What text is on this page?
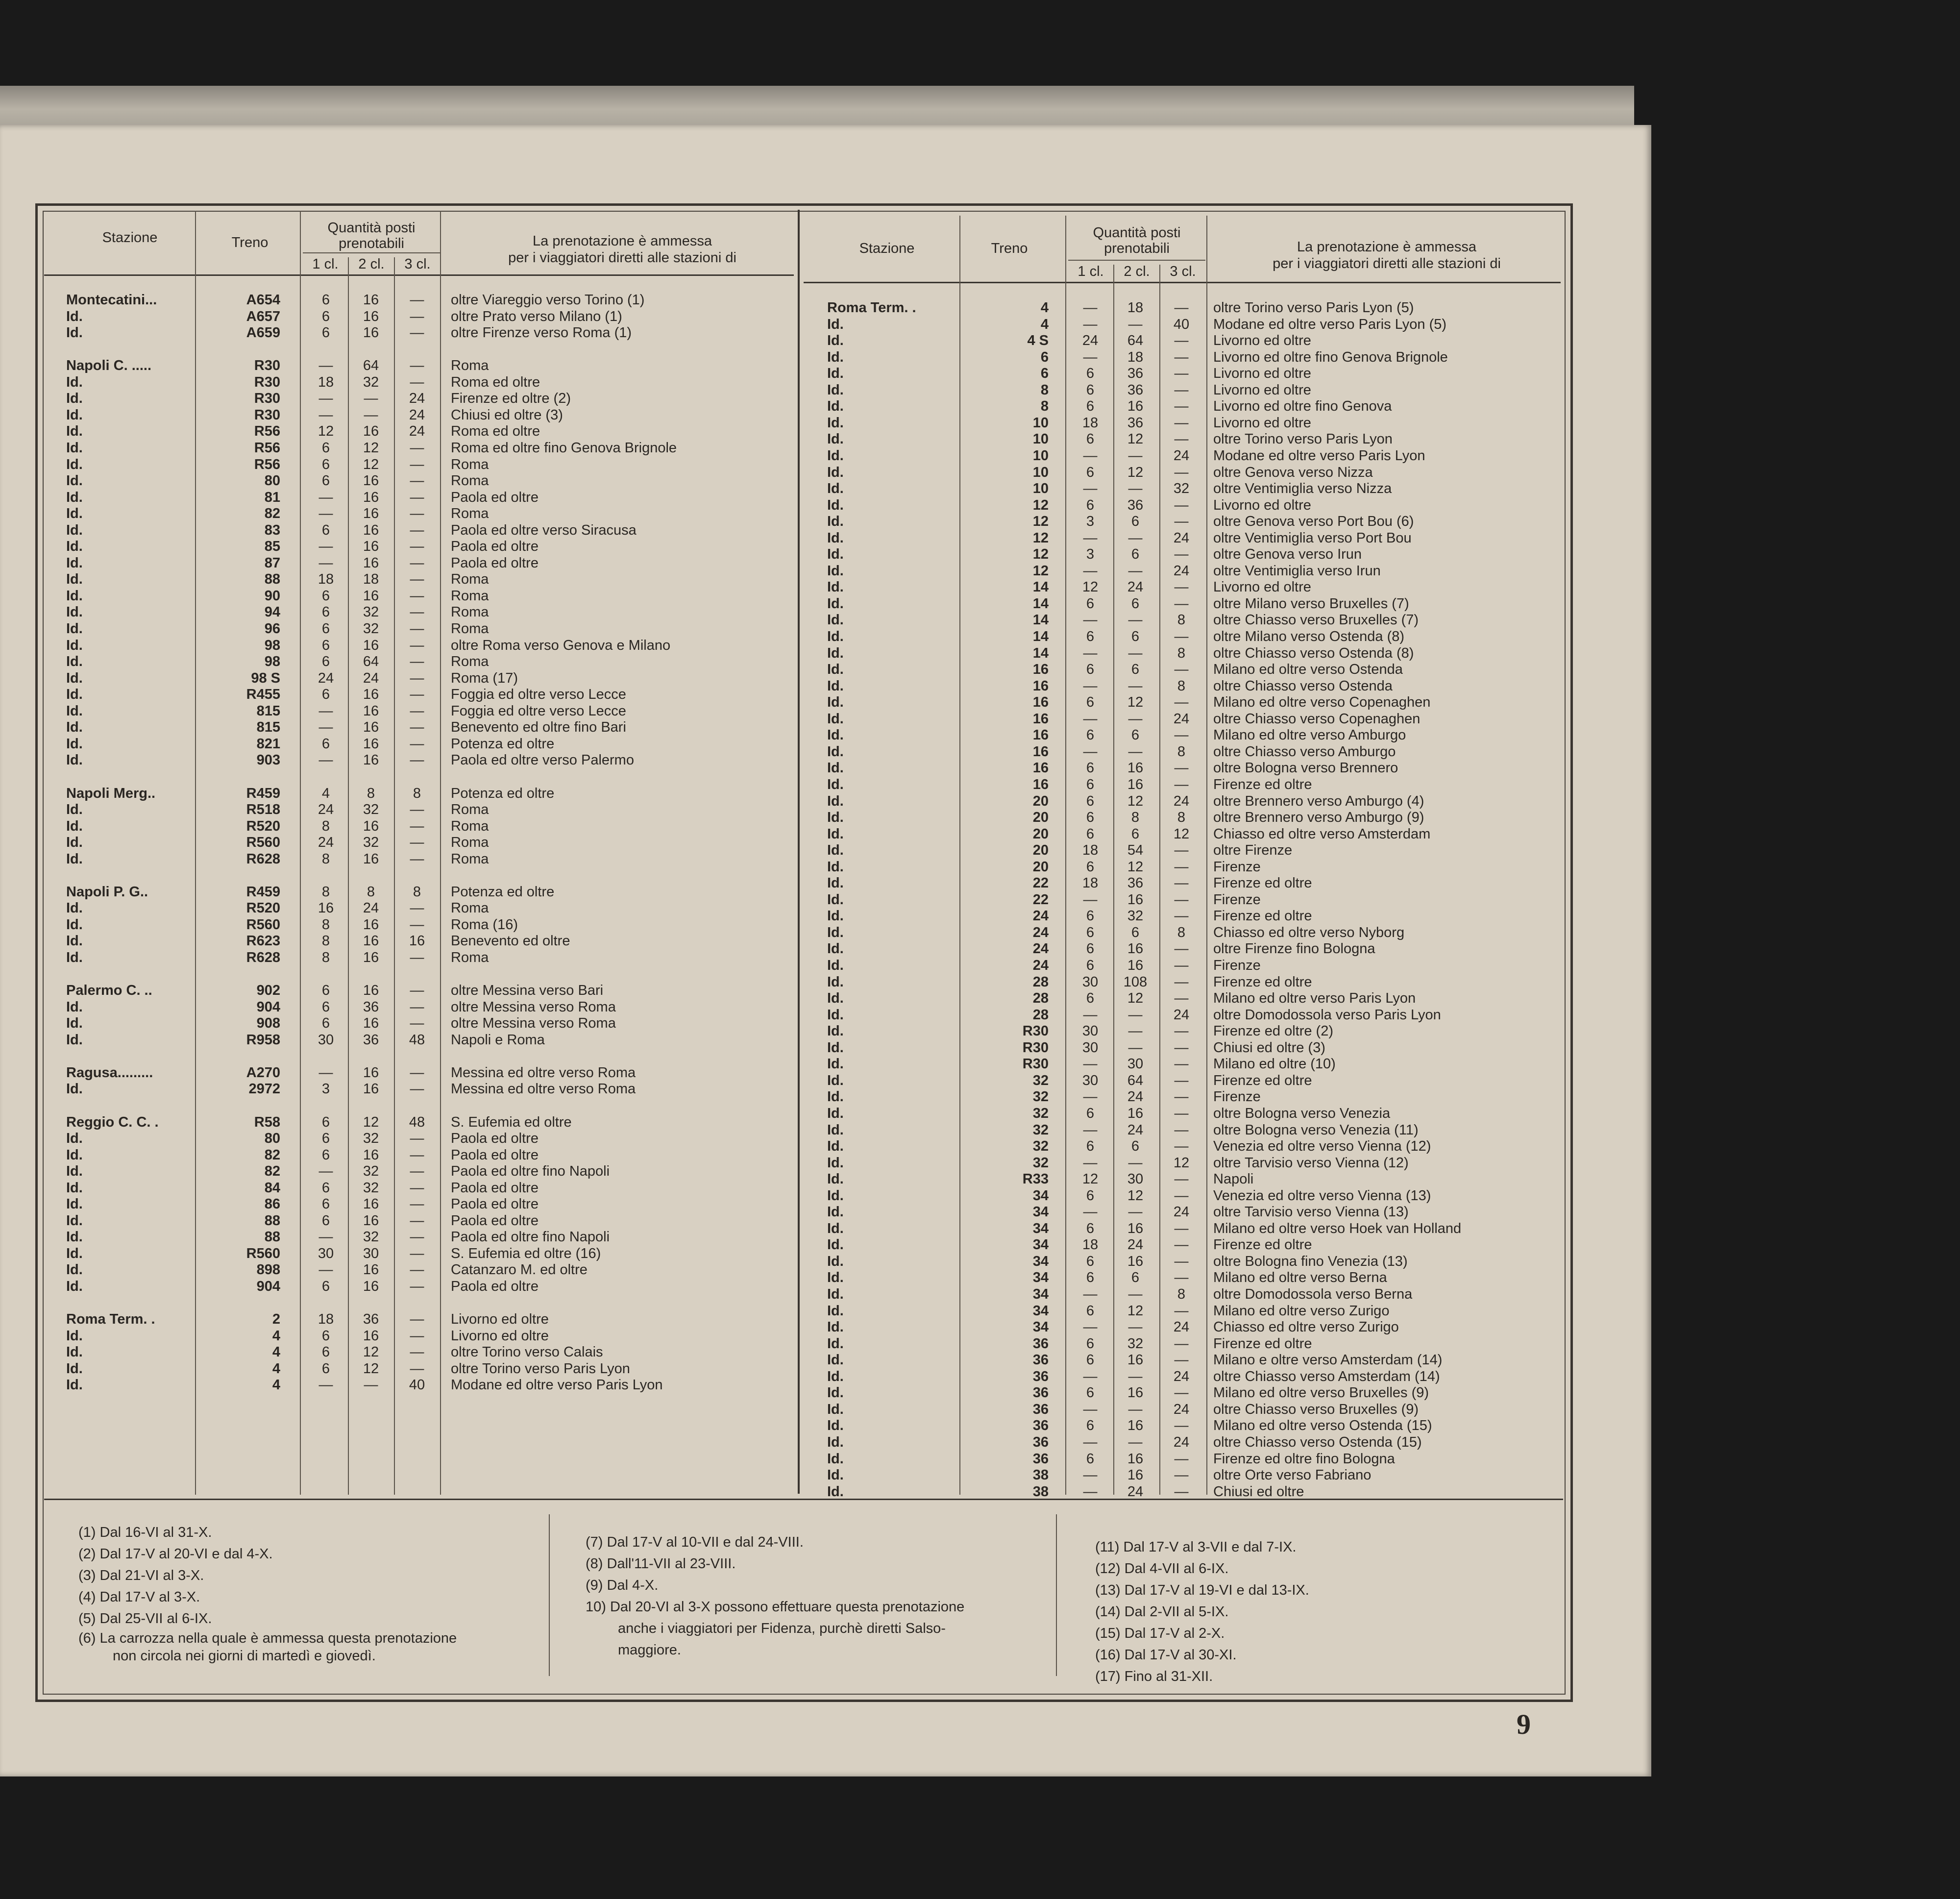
Stazione	Treno
Quantità posti
prenotabili
1 cl.	2 cl.	3 cl.
La prenotazione è ammessa
per i viaggiatori diretti alle stazioni di
Stazione	Treno
Quantità posti
prenotabili
1 cl.	2 cl.	3 cl.
La prenotazione è ammessa
per i viaggiatori diretti alle stazioni di
Montecatini...	A654	6	16	—	oltre Viareggio verso Torino (1)
Id.	A657	6	16	—	oltre Prato verso Milano (1)
Id.	A659	6	16	—	oltre Firenze verso Roma (1)
Napoli C. .....	R30	—	64	—	Roma
Id.	R30	18	32	—	Roma ed oltre
Id.	R30	—	—	24	Firenze ed oltre (2)
Id.	R30	—	—	24	Chiusi ed oltre (3)
Id.	R56	12	16	24	Roma ed oltre
Id.	R56	6	12	—	Roma ed oltre fino Genova Brignole
Id.	R56	6	12	—	Roma
Id.	80	6	16	—	Roma
Id.	81	—	16	—	Paola ed oltre
Id.	82	—	16	—	Roma
Id.	83	6	16	—	Paola ed oltre verso Siracusa
Id.	85	—	16	—	Paola ed oltre
Id.	87	—	16	—	Paola ed oltre
Id.	88	18	18	—	Roma
Id.	90	6	16	—	Roma
Id.	94	6	32	—	Roma
Id.	96	6	32	—	Roma
Id.	98	6	16	—	oltre Roma verso Genova e Milano
Id.	98	6	64	—	Roma
Id.	98 S	24	24	—	Roma (17)
Id.	R455	6	16	—	Foggia ed oltre verso Lecce
Id.	815	—	16	—	Foggia ed oltre verso Lecce
Id.	815	—	16	—	Benevento ed oltre fino Bari
Id.	821	6	16	—	Potenza ed oltre
Id.	903	—	16	—	Paola ed oltre verso Palermo
Napoli Merg..	R459	4	8	8	Potenza ed oltre
Id.	R518	24	32	—	Roma
Id.	R520	8	16	—	Roma
Id.	R560	24	32	—	Roma
Id.	R628	8	16	—	Roma
Napoli P. G..	R459	8	8	8	Potenza ed oltre
Id.	R520	16	24	—	Roma
Id.	R560	8	16	—	Roma (16)
Id.	R623	8	16	16	Benevento ed oltre
Id.	R628	8	16	—	Roma
Palermo C. ..	902	6	16	—	oltre Messina verso Bari
Id.	904	6	36	—	oltre Messina verso Roma
Id.	908	6	16	—	oltre Messina verso Roma
Id.	R958	30	36	48	Napoli e Roma
Ragusa.........	A270	—	16	—	Messina ed oltre verso Roma
Id.	2972	3	16	—	Messina ed oltre verso Roma
Reggio C. C. .	R58	6	12	48	S. Eufemia ed oltre
Id.	80	6	32	—	Paola ed oltre
Id.	82	6	16	—	Paola ed oltre
Id.	82	—	32	—	Paola ed oltre fino Napoli
Id.	84	6	32	—	Paola ed oltre
Id.	86	6	16	—	Paola ed oltre
Id.	88	6	16	—	Paola ed oltre
Id.	88	—	32	—	Paola ed oltre fino Napoli
Id.	R560	30	30	—	S. Eufemia ed oltre (16)
Id.	898	—	16	—	Catanzaro M. ed oltre
Id.	904	6	16	—	Paola ed oltre
Roma Term. .	2	18	36	—	Livorno ed oltre
Id.	4	6	16	—	Livorno ed oltre
Id.	4	6	12	—	oltre Torino verso Calais
Id.	4	6	12	—	oltre Torino verso Paris Lyon
Id.	4	—	—	40	Modane ed oltre verso Paris Lyon
Roma Term. .	4	—	18	—	oltre Torino verso Paris Lyon (5)
Id.	4	—	—	40	Modane ed oltre verso Paris Lyon (5)
Id.	4 S	24	64	—	Livorno ed oltre
Id.	6	—	18	—	Livorno ed oltre fino Genova Brignole
Id.	6	6	36	—	Livorno ed oltre
Id.	8	6	36	—	Livorno ed oltre
Id.	8	6	16	—	Livorno ed oltre fino Genova
Id.	10	18	36	—	Livorno ed oltre
Id.	10	6	12	—	oltre Torino verso Paris Lyon
Id.	10	—	—	24	Modane ed oltre verso Paris Lyon
Id.	10	6	12	—	oltre Genova verso Nizza
Id.	10	—	—	32	oltre Ventimiglia verso Nizza
Id.	12	6	36	—	Livorno ed oltre
Id.	12	3	6	—	oltre Genova verso Port Bou (6)
Id.	12	—	—	24	oltre Ventimiglia verso Port Bou
Id.	12	3	6	—	oltre Genova verso Irun
Id.	12	—	—	24	oltre Ventimiglia verso Irun
Id.	14	12	24	—	Livorno ed oltre
Id.	14	6	6	—	oltre Milano verso Bruxelles (7)
Id.	14	—	—	8	oltre Chiasso verso Bruxelles (7)
Id.	14	6	6	—	oltre Milano verso Ostenda (8)
Id.	14	—	—	8	oltre Chiasso verso Ostenda (8)
Id.	16	6	6	—	Milano ed oltre verso Ostenda
Id.	16	—	—	8	oltre Chiasso verso Ostenda
Id.	16	6	12	—	Milano ed oltre verso Copenaghen
Id.	16	—	—	24	oltre Chiasso verso Copenaghen
Id.	16	6	6	—	Milano ed oltre verso Amburgo
Id.	16	—	—	8	oltre Chiasso verso Amburgo
Id.	16	6	16	—	oltre Bologna verso Brennero
Id.	16	6	16	—	Firenze ed oltre
Id.	20	6	12	24	oltre Brennero verso Amburgo (4)
Id.	20	6	8	8	oltre Brennero verso Amburgo (9)
Id.	20	6	6	12	Chiasso ed oltre verso Amsterdam
Id.	20	18	54	—	oltre Firenze
Id.	20	6	12	—	Firenze
Id.	22	18	36	—	Firenze ed oltre
Id.	22	—	16	—	Firenze
Id.	24	6	32	—	Firenze ed oltre
Id.	24	6	6	8	Chiasso ed oltre verso Nyborg
Id.	24	6	16	—	oltre Firenze fino Bologna
Id.	24	6	16	—	Firenze
Id.	28	30	108	—	Firenze ed oltre
Id.	28	6	12	—	Milano ed oltre verso Paris Lyon
Id.	28	—	—	24	oltre Domodossola verso Paris Lyon
Id.	R30	30	—	—	Firenze ed oltre (2)
Id.	R30	30	—	—	Chiusi ed oltre (3)
Id.	R30	—	30	—	Milano ed oltre (10)
Id.	32	30	64	—	Firenze ed oltre
Id.	32	—	24	—	Firenze
Id.	32	6	16	—	oltre Bologna verso Venezia
Id.	32	—	24	—	oltre Bologna verso Venezia (11)
Id.	32	6	6	—	Venezia ed oltre verso Vienna (12)
Id.	32	—	—	12	oltre Tarvisio verso Vienna (12)
Id.	R33	12	30	—	Napoli
Id.	34	6	12	—	Venezia ed oltre verso Vienna (13)
Id.	34	—	—	24	oltre Tarvisio verso Vienna (13)
Id.	34	6	16	—	Milano ed oltre verso Hoek van Holland
Id.	34	18	24	—	Firenze ed oltre
Id.	34	6	16	—	oltre Bologna fino Venezia (13)
Id.	34	6	6	—	Milano ed oltre verso Berna
Id.	34	—	—	8	oltre Domodossola verso Berna
Id.	34	6	12	—	Milano ed oltre verso Zurigo
Id.	34	—	—	24	Chiasso ed oltre verso Zurigo
Id.	36	6	32	—	Firenze ed oltre
Id.	36	6	16	—	Milano e oltre verso Amsterdam (14)
Id.	36	—	—	24	oltre Chiasso verso Amsterdam (14)
Id.	36	6	16	—	Milano ed oltre verso Bruxelles (9)
Id.	36	—	—	24	oltre Chiasso verso Bruxelles (9)
Id.	36	6	16	—	Milano ed oltre verso Ostenda (15)
Id.	36	—	—	24	oltre Chiasso verso Ostenda (15)
Id.	36	6	16	—	Firenze ed oltre fino Bologna
Id.	38	—	16	—	oltre Orte verso Fabriano
Id.	38	—	24	—	Chiusi ed oltre
(1) Dal 16-VI al 31-X.
(2) Dal 17-V al 20-VI e dal 4-X.
(3) Dal 21-VI al 3-X.
(4) Dal 17-V al 3-X.
(5) Dal 25-VII al 6-IX.
(6) La carrozza nella quale è ammessa questa prenotazione
non circola nei giorni di martedì e giovedì.
(7) Dal 17-V al 10-VII e dal 24-VIII.
(8) Dall'11-VII al 23-VIII.
(9) Dal 4-X.
10) Dal 20-VI al 3-X possono effettuare questa prenotazione
anche i viaggiatori per Fidenza, purchè diretti Salso-
maggiore.
(11) Dal 17-V al 3-VII e dal 7-IX.
(12) Dal 4-VII al 6-IX.
(13) Dal 17-V al 19-VI e dal 13-IX.
(14) Dal 2-VII al 5-IX.
(15) Dal 17-V al 2-X.
(16) Dal 17-V al 30-XI.
(17) Fino al 31-XII.
9
